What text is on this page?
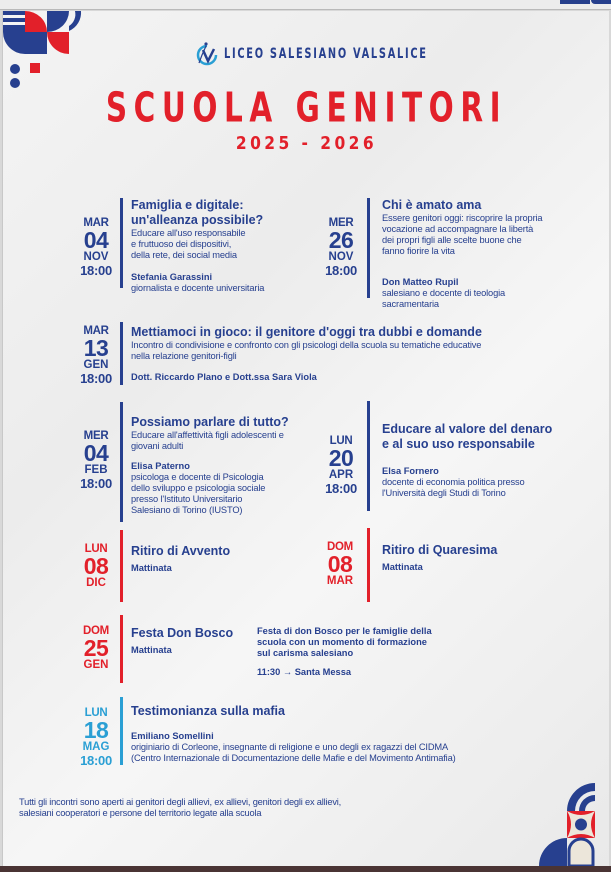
LICEO SALESIANO VALSALICE
SCUOLA GENITORI
2025 - 2026
MAR
04
NOV
18:00
Famiglia e digitale:
un'alleanza possibile?
Educare all'uso responsabile
e fruttuoso dei dispositivi,
della rete, dei social media
Stefania Garassini
giornalista e docente universitaria
MER
26
NOV
18:00
Chi è amato ama
Essere genitori oggi: riscoprire la propria
vocazione ad accompagnare la libertà
dei propri figli alle scelte buone che
fanno fiorire la vita
Don Matteo Rupil
salesiano e docente di teologia
sacramentaria
MAR
13
GEN
18:00
Mettiamoci in gioco: il genitore d'oggi tra dubbi e domande
Incontro di condivisione e confronto con gli psicologi della scuola su tematiche educative
nella relazione genitori-figli
Dott. Riccardo Plano e Dott.ssa Sara Viola
MER
04
FEB
18:00
Possiamo parlare di tutto?
Educare all'affettività figli adolescenti e
giovani adulti
Elisa Paterno
psicologa e docente di Psicologia
dello sviluppo e psicologia sociale
presso l'Istituto Universitario
Salesiano di Torino (IUSTO)
LUN
20
APR
18:00
Educare al valore del denaro
e al suo uso responsabile
Elsa Fornero
docente di economia politica presso
l'Università degli Studi di Torino
LUN
08
DIC
Ritiro di Avvento
Mattinata
DOM
08
MAR
Ritiro di Quaresima
Mattinata
DOM
25
GEN
Festa Don Bosco
Mattinata
Festa di don Bosco per le famiglie della
scuola con un momento di formazione
sul carisma salesiano
11:30 → Santa Messa
LUN
18
MAG
18:00
Testimonianza sulla mafia
Emiliano Somellini
originiario di Corleone, insegnante di religione e uno degli ex ragazzi del CIDMA
(Centro Internazionale di Documentazione delle Mafie e del Movimento Antimafia)
Tutti gli incontri sono aperti ai genitori degli allievi, ex allievi, genitori degli ex allievi,
salesiani cooperatori e persone del territorio legate alla scuola
